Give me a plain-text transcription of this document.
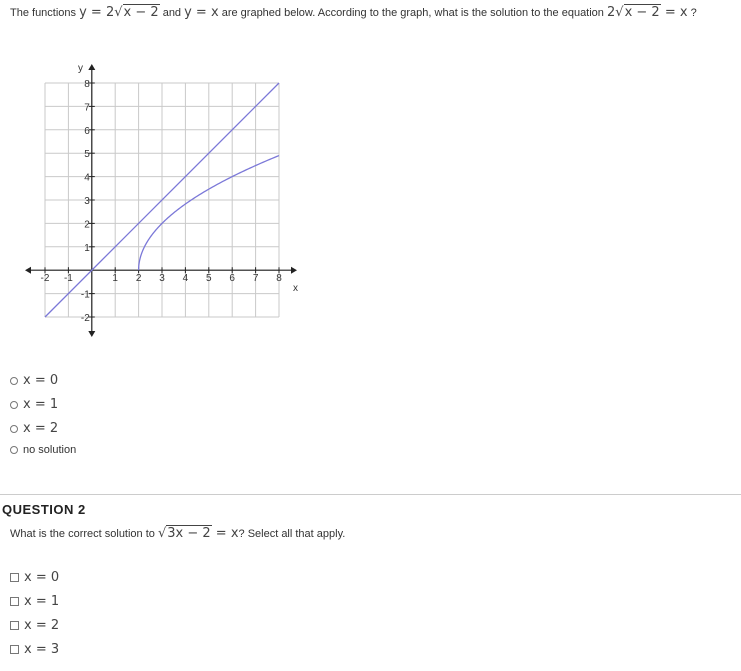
The functions y = 2√x − 2 and y = x are graphed below. According to the graph, what is the solution to the equation 2√x − 2 = x ?
-2 -1	1 2 3 4 5 6 7 8
8
7
6
5
4
3
2
1
-1
-2
x
y
x = 0
x = 1
x = 2
no solution
QUESTION 2
What is the correct solution to √3x − 2 = x? Select all that apply.
x = 0
x = 1
x = 2
x = 3
